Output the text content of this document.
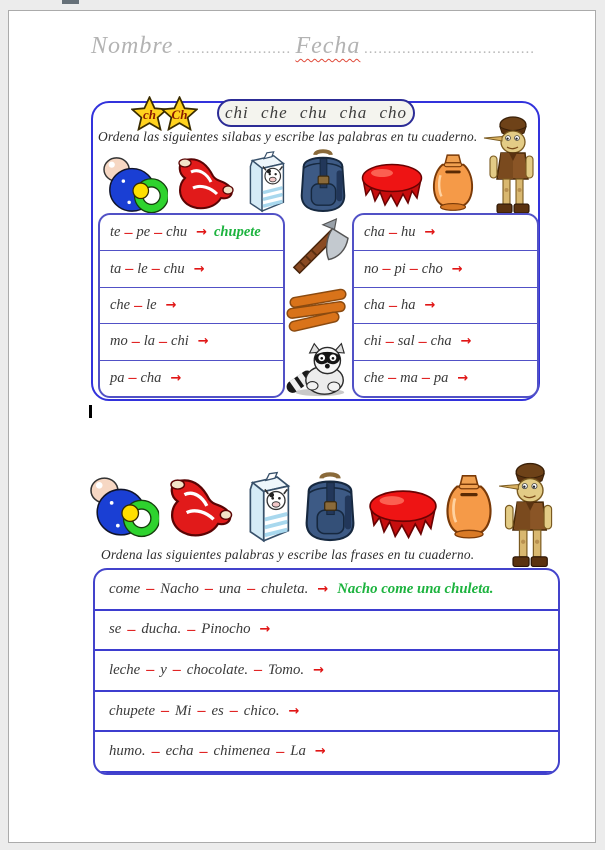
Nombre ........................ Fecha ....................................
ch Ch	chi che chu cha cho
Ordena las siguientes silabas y escribe las palabras en tu cuaderno.
te – pe – chu → chupete
ta – le – chu →
che – le →
mo – la – chi →
pa – cha →
cha – hu →
no – pi – cho →
cha – ha →
chi – sal – cha →
che – ma – pa →
Ordena las siguientes palabras y escribe las frases en tu cuaderno.
come – Nacho – una – chuleta. → Nacho come una chuleta.
se – ducha. – Pinocho →
leche – y – chocolate. – Tomo. →
chupete – Mi – es – chico. →
humo. – echa – chimenea – La →
